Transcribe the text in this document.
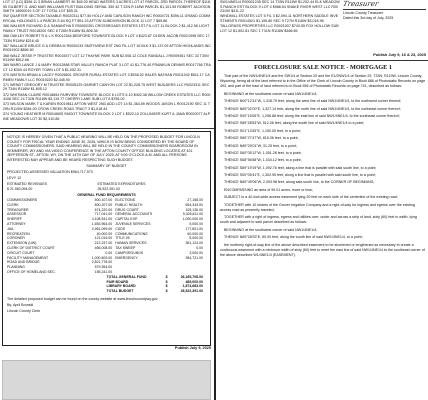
LOT 17 (LD) $396.11 3 BRIAN LAMBERT 4K $45.00 HEAD WATERS 3 ACRES LOT 47 PARCEL 2RD PARCEL THEREOF $118.55 GILBERT G. AND MAR WILLIAMS PLIST BUILDING SERIAL 350 42 T 22N.R 118W PARCEL $1,101.55 ROBERT JACKSON SMITH 18900019 3 OF 17 TOTAL LOT $55.31
SW QUARTER SECTION TAXABLE R0020311 $77.50 HOLLY AND CARLSON RANCH INC R0004721 $396.11 GRAND COMMERCIAL HOLDINGS 1.4 PARCELS 84 SQ FT $91.23 AFTON SUBDIVISION BLOCK 11 LOT 7 $65.86
366 WALKER RICHARD D & SAMANTHA S R00002391 CROSSROADS ESTATES 1ST FIL LOT 11 BLOCK 2 $1,412.56 LICHT FAMILY TRUST R0018200 SEC 6 T26N R118W $1,806.35
368 OAKLEY ROBERT R & L K R0012344 BEDFORD TOWNSITE BLOCK 9 LOT 4 $423.87 OLSEN JACOB R0021998 SEC 17 T33N R119W $216.45
367 WALLACE BRUCE G & DEBRA M R0000233 SMITHVIEW EST 2ND FIL LOT 16 BLK 3 $1,137.09 AFTON HIGHLANDS INC R0011902 $896.50
368 WALZ JESSE P TRUSTEE R0015577 LOT 12 THAYNE PARK SUB $2,008.12 COLE RANDALL J R0009451 SEC 33 T30N R119W $512.66
369 WARD LANCE J & MARY R0012888 STAR VALLEY RANCH PLAT 3 LOT 41 $1,776.40 FRANKLIN DENNIS R0017766 TRACT 12 $300.44 ROYER TOWN LOT 5 $1,052.31
370 WATSON BRIAN & LACEY R0026601 GROVER RURAL ESTATES LOT 3 $938.02 HALES NATHAN R0011042 $611.17 CARMEN FAMILY LLC R0019220 $2,445.90
371 WENDT GREGORY M TRUSTEE R0005125 GARNET CANYON LOT 22 $1,228.75 WEST BUILDERS LLC R0023311 SEC 29 T34N R118W $1,605.12
372 WHITMAN CLAIRE R0018654 FAIRVIEW TOWNSITE BLOCK 6 LOTS 9-10 $402.38 WILLOW CREEK ESTATES LLC R0004108 SEC 24 T32N R118W $3,119.77 CHERRY LANE SUB LOT 8 $755.02
373 WILSON MARK T & KAREN R0019811 AFTON WEST 2ND ADD LOT 14 $1,364.59 WOODS JASON L R0012190 SEC 11 T29N R119W $284.00 CROW CREEK ROAD TRACT 3 $1,018.44
374 YOUNG HEATHER M R0016605 SMOOT TOWNSITE BLOCK 2 LOT 1 $522.10 ZOLLINGER KURT & JANA R0020077 ALPINE MEADOWS LOT 30 $2,310.85

NOTICE IS HEREBY GIVEN THAT A PUBLIC HEARING WILL BE HELD ON THE PROPOSED BUDGET FOR LINCOLN COUNTY FOR FISCAL YEAR ENDING JUNE 30, 2026, WHICH IS NOW BEING CONSIDERED BY THE BOARD OF COUNTY COMMISSIONERS. SAID HEARING WILL BE HELD IN THE COUNTY COMMISSIONERS BOARDROOM IN KEMMERER, WY AND VIA VIDEO CONFERENCE IN THE AFTON COUNTY OFFICE BUILDING LOCATED AT 421 JEFFERSON ST., AFTON, WY, ON THE 14TH DAY OF JULY 2025, AT 9:00 O'CLOCK A.M. AND ALL PERSONS INTERESTED MAY APPEAR AND BE HEARD RESPECTING SUCH BUDGET.

SUMMARY OF BUDGET

PROJECTED ASSESSED VALUATION $964,717,973

LEVY 12

ESTIMATED REVENUES	ESTIMATED EXPENDITURES
$ 21,963,094.00	28,522,391.00
GENERAL FUND REQUIREMENTS
COMMISSIONERS	500,107.00	ELECTIONS	27,158.00
CLERK	800,207.00	PUBLIC HEALTH	694,343.00
TREASURER	674,220.00	DRUG COURT	105,136.00
ASSESSOR	717,041.00	GENERAL ACCOUNTS	5,426,611.00
SHERIFF	4,108,541.00	CAPITAL EXP.	1,000,000.00
ATTORNEY	1,653,964.00	JUVENILE SERVICES	5,000.00
JAIL	2,961,099.00	CSOS	177,801.00
RECREATION	40,000.00	COMMUNICATIONS	60,000.00
CORONER	121,019.00	TITLE 25	5,000.00
EXTENSION (UW)	212,237.00	HUMAN SERVICES	361,124.00
CLERK OF DISTRICT COURT	465,008.00	TAX SWEEP	0.00
CIRCUIT COURT	0.00	CAMPGROUNDS	3,000.00
FACILITY MANAGEMENT	1,000,609.00	EMERGENCY	284,721.00
ROAD AND BRIDGE	2,821,778.00		
PLANNING	579,354.00		
OFFICE OF HOMELAND SEC.	155,241.00		
	TOTAL GENERAL FUND	$	26,165,708.00
	FAIR BOARD	$	489,000.00
	LIBRARY BOARD	$	1,874,683.00
	TOTAL BUDGET	$	28,522,391.00

The detailed proposed budget can be found on the county website at www.lincolncountywy.gov

By: April Brunski

Lincoln County Clerk

Publish July 9, 2025
SW1/4NE1/4 R00001245 SEC 14 T33N R119W $1,202.44 ELK MEADOWS RANCH EST BLOCK 9 LOT 4 $988.54 SNAKE RIVER WEST LLC R0023190 $411.22
WINDMILL ESTATES LOT 5 FIL 3 $2,094.11 NORTHERN SADDLE INVESTMENTS R0014521 $1,195.80 SEC 9 T27N R116W $3,018.96
TALLGRASS PROPERTIES LLC R0021007 $743.55 FOX HOLLOW SUB LOT 12 $1,502.81 SEC 1 T31N R118W $366.55
Treasurer
Lincoln County Treasurer
Dated this 3rd day of July, 2025
Publish July 9, 16 & 23, 2025
FORECLOSURE SALE NOTICE - MORTGAGE 1

That part of the NW1/4NE1/4 and the SW1/4 of Section 20 and the E1/2NW1/4 of Section 29, T33N, R119W, Lincoln County, Wyoming, being all of the land referred to in the Office of the Clerk of Lincoln County in Book 886 of Photostatic Records on page 493, and part of the tract of land referred to in Book 556 of Photostatic Records on page 741, described as follows:

BEGINNING at the southwest corner of said NW1/4NE1/4;

THENCE N00°12'41"W, 1,318.79 feet, along the west line of said NW1/4NE1/4, to the northwest corner thereof;

THENCE N89°32'00"E, 1,327.14 feet, along the north line of said NW1/4NE1/4, to the northeast corner thereof;

THENCE S00°15'05"E, 1,296.88 feet, along the east line of said NW1/4NE1/4, to the southeast corner thereof;

THENCE S89°28'53"W, 512.06 feet, along the south line of said NW1/4NE1/4 to a point;

THENCE S01°13'45"E, 1,150.00 feet, to a point;

THENCE S89°27'47"W, 815.06 feet, to a point;

THENCE N89°29'01"W, 31.25 feet, to a point;

THENCE S60°05'12"W, 1,051.28 feet, to a point;

THENCE S68°56'58"W, 1,034.12 feet, to a point;

THENCE S89°19'19"W, 1,092.76 feet, along a line that is parallel with said south line, to a point;

THENCE S00°05'41"E, 1,302.95 feet, along a line that is parallel with said south line, to a point;

THENCE N89°49'06"W, 2,093.98 feet, along said south line, to the CORNER OF BEGINNING;

ENCOMPASSING an area of 99.01 acres, more or less;

SUBJECT to a 40-foot-wide access easement lying 20 feet on each side of the centerline of the existing road;

TOGETHER with 10 shares of the Grover Irrigation Company and a right-of-way for ingress and egress over the existing access road as presently traveled;

TOGETHER with a right of ingress, egress and utilities over, under and across a strip of land, sixty (60) feet in width, lying south and adjacent to said parcel described as follows:

BEGINNING at the southwest corner of said NW1/4NE1/4;

THENCE N89°28'53"E, 60.00 feet, along the south line of said NW1/4NE1/4, to a point;

the northerly right-of-way line of the above described easement to be shortened or lengthened as necessary to create a continuous easement with a minimum width of sixty (60) feet to meet the east line of said NW1/4NE1/4 to the southeast corner of the above described W1/4NE1/4 (EASEMENT).
